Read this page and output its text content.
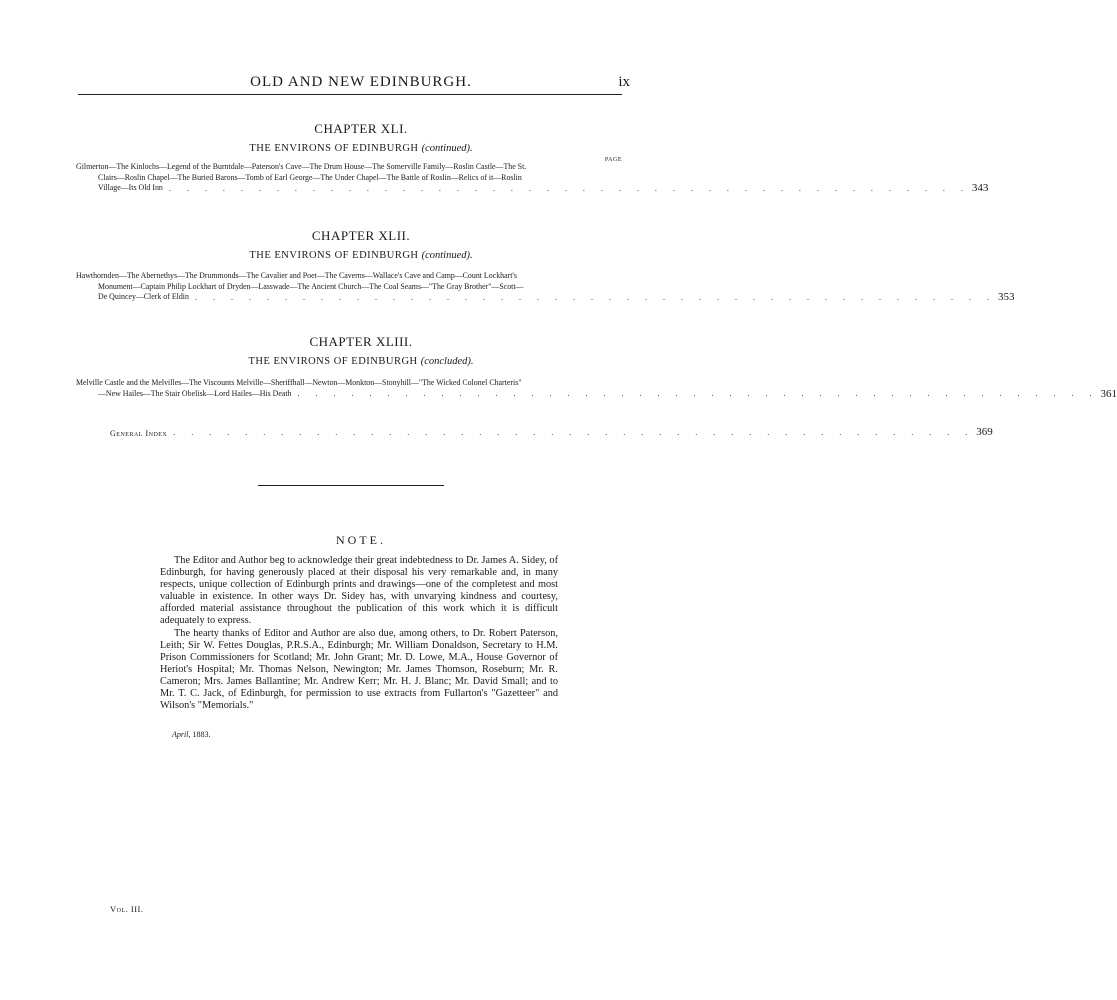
OLD AND NEW EDINBURGH.	ix
CHAPTER XLI.
THE ENVIRONS OF EDINBURGH (continued).
PAGE
Gilmerton—The Kinlochs—Legend of the Burntdale—Paterson's Cave—The Drum House—The Somerville Family—Roslin Castle—The St.
Clairs—Roslin Chapel—The Buried Barons—Tomb of Earl George—The Under Chapel—The Battle of Roslin—Relics of it—Roslin
Village—Its Old Inn . . . . . . . . . . . . . . . . . . . . . . . . . . . . . . . . . . . . . . . . . . . . . 343
CHAPTER XLII.
THE ENVIRONS OF EDINBURGH (continued).
Hawthornden—The Abernethys—The Drummonds—The Cavalier and Poet—The Caverns—Wallace's Cave and Camp—Count Lockhart's
Monument—Captain Philip Lockhart of Dryden—Lasswade—The Ancient Church—The Coal Seams—"The Gray Brother"—Scott—
De Quincey—Clerk of Eldin . . . . . . . . . . . . . . . . . . . . . . . . . . . . . . . . . . . . . . . . . . . . . 353
CHAPTER XLIII.
THE ENVIRONS OF EDINBURGH (concluded).
Melville Castle and the Melvilles—The Viscounts Melville—Sheriffhall—Newton—Monkton—Stonyhill—"The Wicked Colonel Charteris"
—New Hailes—The Stair Obelisk—Lord Hailes—His Death . . . . . . . . . . . . . . . . . . . . . . . . . . . . . . . . . . . . . . . . . . . . . 361
General Index . . . . . . . . . . . . . . . . . . . . . . . . . . . . . . . . . . . . . . . . . . . . . 369
NOTE.

The Editor and Author beg to acknowledge their great indebtedness to Dr. James A. Sidey, of Edinburgh, for having generously placed at their disposal his very remarkable and, in many respects, unique collection of Edinburgh prints and drawings—one of the completest and most valuable in existence. In other ways Dr. Sidey has, with unvarying kindness and courtesy, afforded material assistance throughout the publication of this work which it is difficult adequately to express.

The hearty thanks of Editor and Author are also due, among others, to Dr. Robert Paterson, Leith; Sir W. Fettes Douglas, P.R.S.A., Edinburgh; Mr. William Donaldson, Secretary to H.M. Prison Commissioners for Scotland; Mr. John Grant; Mr. D. Lowe, M.A., House Governor of Heriot's Hospital; Mr. Thomas Nelson, Newington; Mr. James Thomson, Roseburn; Mr. R. Cameron; Mrs. James Ballantine; Mr. Andrew Kerr; Mr. H. J. Blanc; Mr. David Small; and to Mr. T. C. Jack, of Edinburgh, for permission to use extracts from Fullarton's "Gazetteer" and Wilson's "Memorials."

April, 1883.
Vol. III.
